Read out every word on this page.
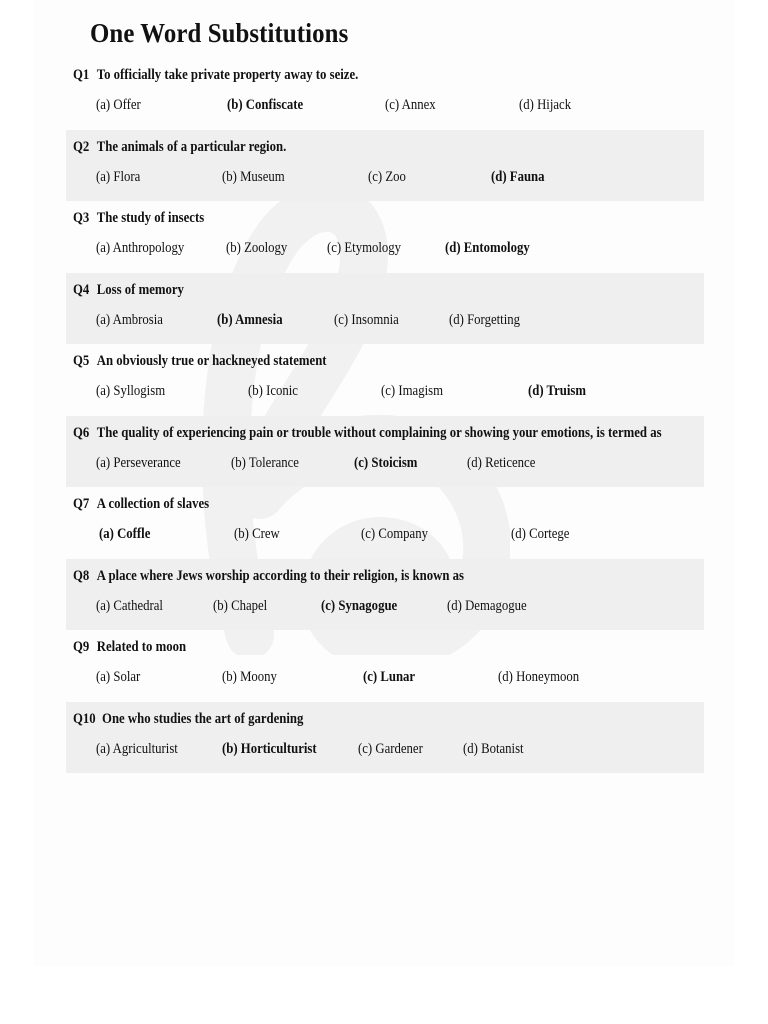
One Word Substitutions
Q1 To officially take private property away to seize.
(a) Offer	(b) Confiscate	(c) Annex	(d) Hijack
Q2 The animals of a particular region.
(a) Flora	(b) Museum	(c) Zoo	(d) Fauna
Q3 The study of insects
(a) Anthropology	(b) Zoology	(c) Etymology	(d) Entomology
Q4 Loss of memory
(a) Ambrosia	(b) Amnesia	(c) Insomnia	(d) Forgetting
Q5 An obviously true or hackneyed statement
(a) Syllogism	(b) Iconic	(c) Imagism	(d) Truism
Q6 The quality of experiencing pain or trouble without complaining or showing your emotions, is termed as
(a) Perseverance	(b) Tolerance	(c) Stoicism	(d) Reticence
Q7 A collection of slaves
(a) Coffle	(b) Crew	(c) Company	(d) Cortege
Q8 A place where Jews worship according to their religion, is known as
(a) Cathedral	(b) Chapel	(c) Synagogue	(d) Demagogue
Q9 Related to moon
(a) Solar	(b) Moony	(c) Lunar	(d) Honeymoon
Q10 One who studies the art of gardening
(a) Agriculturist	(b) Horticulturist	(c) Gardener	(d) Botanist
